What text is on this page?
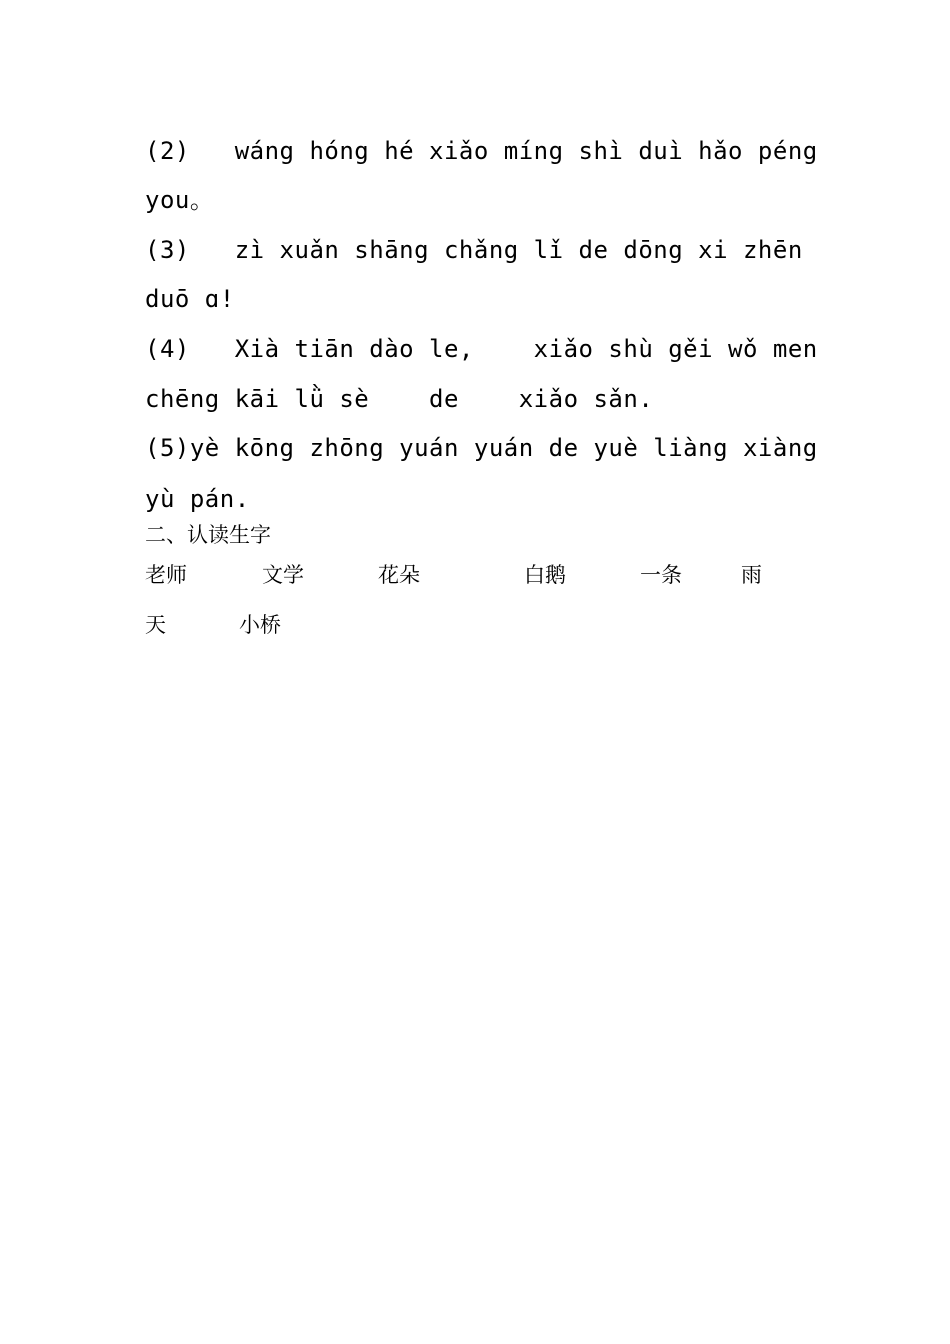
(2)   wáng hóng hé xiǎo míng shì duì hǎo péng
you。
(3)   zì xuǎn shāng chǎng lǐ de dōng xi zhēn
duō ɑ!
(4)   Xià tiān dào le,    xiǎo shù gěi wǒ men
chēng kāi lǜ sè    de    xiǎo sǎn.
(5)yè kōng zhōng yuán yuán de yuè liàng xiàng
yù pán.
二、认读生字
老师	文学	花朵	白鹅	一条	雨
天	小桥
